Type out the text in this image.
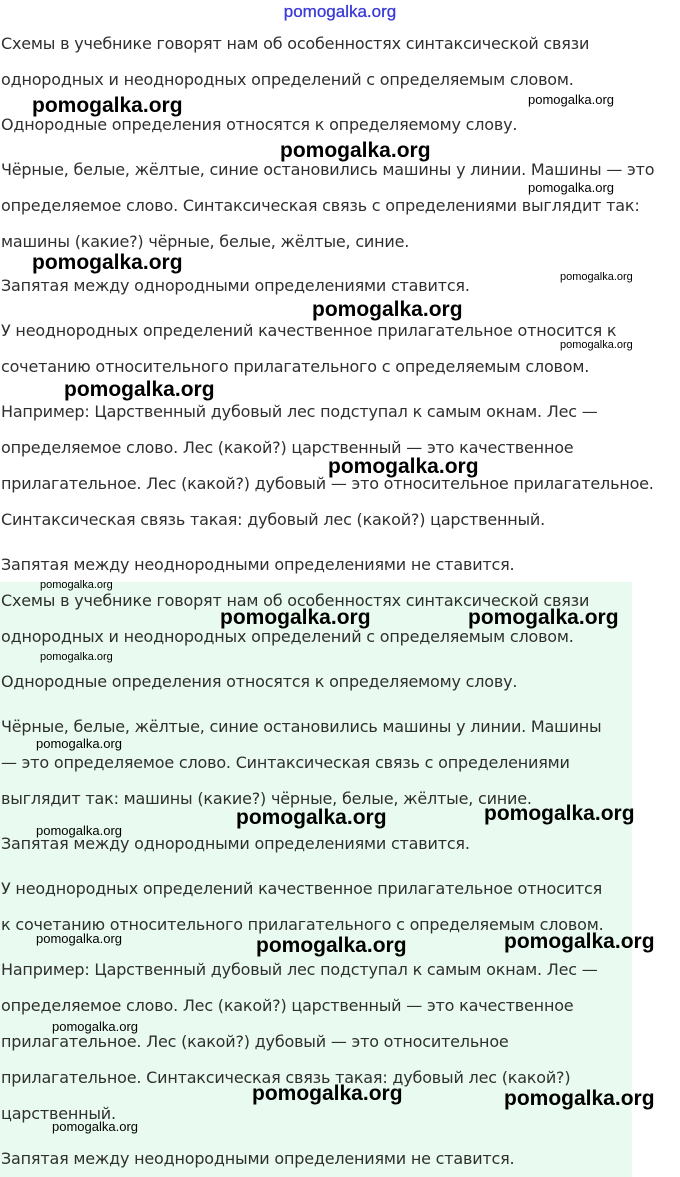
pomogalka.org
Схемы в учебнике говорят нам об особенностях синтаксической связи
однородных и неоднородных определений с определяемым словом.
Однородные определения относятся к определяемому слову.
Чёрные, белые, жёлтые, синие остановились машины у линии. Машины — это
определяемое слово. Синтаксическая связь с определениями выглядит так:
машины (какие?) чёрные, белые, жёлтые, синие.
Запятая между однородными определениями ставится.
У неоднородных определений качественное прилагательное относится к
сочетанию относительного прилагательного с определяемым словом.
Например: Царственный дубовый лес подступал к самым окнам. Лес —
определяемое слово. Лес (какой?) царственный — это качественное
прилагательное. Лес (какой?) дубовый — это относительное прилагательное.
Синтаксическая связь такая: дубовый лес (какой?) царственный.
Запятая между неоднородными определениями не ставится.
Схемы в учебнике говорят нам об особенностях синтаксической связи
однородных и неоднородных определений с определяемым словом.
Однородные определения относятся к определяемому слову.
Чёрные, белые, жёлтые, синие остановились машины у линии. Машины
— это определяемое слово. Синтаксическая связь с определениями
выглядит так: машины (какие?) чёрные, белые, жёлтые, синие.
Запятая между однородными определениями ставится.
У неоднородных определений качественное прилагательное относится
к сочетанию относительного прилагательного с определяемым словом.
Например: Царственный дубовый лес подступал к самым окнам. Лес —
определяемое слово. Лес (какой?) царственный — это качественное
прилагательное. Лес (какой?) дубовый — это относительное
прилагательное. Синтаксическая связь такая: дубовый лес (какой?)
царственный.
Запятая между неоднородными определениями не ставится.
pomogalka.org	pomogalka.org
pomogalka.org
pomogalka.org
pomogalka.org
pomogalka.org
pomogalka.org
pomogalka.org
pomogalka.org
pomogalka.org
pomogalka.org
pomogalka.org	pomogalka.org
pomogalka.org
pomogalka.org
pomogalka.org	pomogalka.org
pomogalka.org
pomogalka.org	pomogalka.org	pomogalka.org
pomogalka.org
pomogalka.org	pomogalka.org
pomogalka.org
